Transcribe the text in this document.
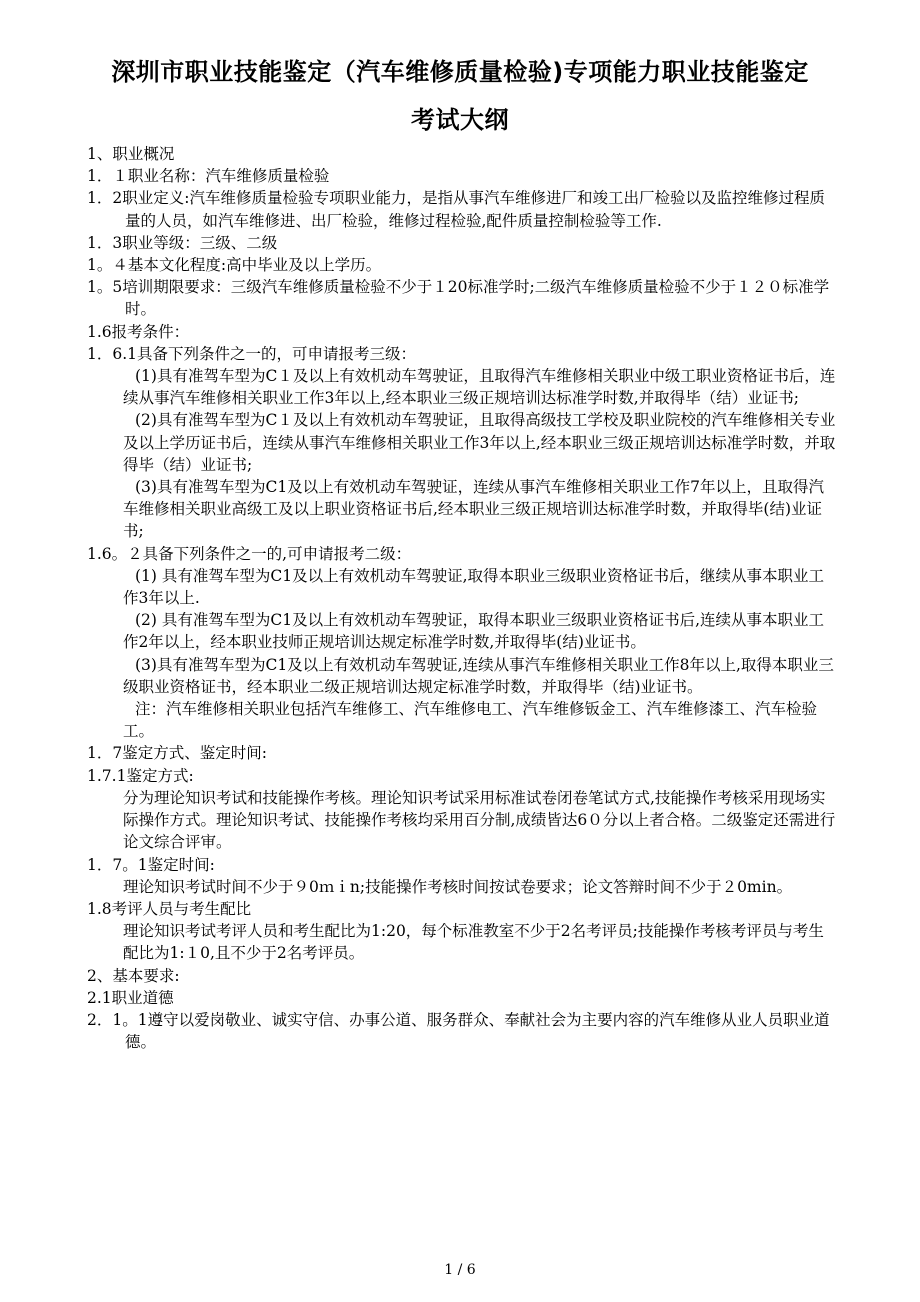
深圳市职业技能鉴定（汽车维修质量检验)专项能力职业技能鉴定
考试大纲

1、职业概况

1．１职业名称：汽车维修质量检验

1．2职业定义:汽车维修质量检验专项职业能力，是指从事汽车维修进厂和竣工出厂检验以及监控维修过程质量的人员，如汽车维修进、出厂检验，维修过程检验,配件质量控制检验等工作.

1．3职业等级：三级、二级

1。４基本文化程度:高中毕业及以上学历。

1。5培训期限要求：三级汽车维修质量检验不少于１20标准学时;二级汽车维修质量检验不少于１２０标准学时。

1.6报考条件：

1．6.1具备下列条件之一的，可申请报考三级：

(1)具有准驾车型为C１及以上有效机动车驾驶证，且取得汽车维修相关职业中级工职业资格证书后，连续从事汽车维修相关职业工作3年以上,经本职业三级正规培训达标准学时数,并取得毕（结）业证书;

(2)具有准驾车型为C１及以上有效机动车驾驶证，且取得高级技工学校及职业院校的汽车维修相关专业及以上学历证书后，连续从事汽车维修相关职业工作3年以上,经本职业三级正规培训达标准学时数，并取得毕（结）业证书;

(3)具有准驾车型为C1及以上有效机动车驾驶证，连续从事汽车维修相关职业工作7年以上，且取得汽车维修相关职业高级工及以上职业资格证书后,经本职业三级正规培训达标准学时数，并取得毕(结)业证书;

1.6。２具备下列条件之一的,可申请报考二级：

(1) 具有准驾车型为C1及以上有效机动车驾驶证,取得本职业三级职业资格证书后，继续从事本职业工作3年以上.

(2) 具有准驾车型为C1及以上有效机动车驾驶证，取得本职业三级职业资格证书后,连续从事本职业工作2年以上，经本职业技师正规培训达规定标准学时数,并取得毕(结)业证书。

(3)具有准驾车型为C1及以上有效机动车驾驶证,连续从事汽车维修相关职业工作8年以上,取得本职业三级职业资格证书，经本职业二级正规培训达规定标准学时数，并取得毕（结)业证书。

注：汽车维修相关职业包括汽车维修工、汽车维修电工、汽车维修钣金工、汽车维修漆工、汽车检验工。

1．7鉴定方式、鉴定时间:

1.7.1鉴定方式:

分为理论知识考试和技能操作考核。理论知识考试采用标准试卷闭卷笔试方式,技能操作考核采用现场实际操作方式。理论知识考试、技能操作考核均采用百分制,成绩皆达6０分以上者合格。二级鉴定还需进行论文综合评审。

1．7。1鉴定时间:

理论知识考试时间不少于９0ｍｉn;技能操作考核时间按试卷要求；论文答辩时间不少于２0min。

1.8考评人员与考生配比

理论知识考试考评人员和考生配比为1:20，每个标准教室不少于2名考评员;技能操作考核考评员与考生配比为1:１0,且不少于2名考评员。

2、基本要求:

2.1职业道德

2．1。1遵守以爱岗敬业、诚实守信、办事公道、服务群众、奉献社会为主要内容的汽车维修从业人员职业道德。

1 / 6
